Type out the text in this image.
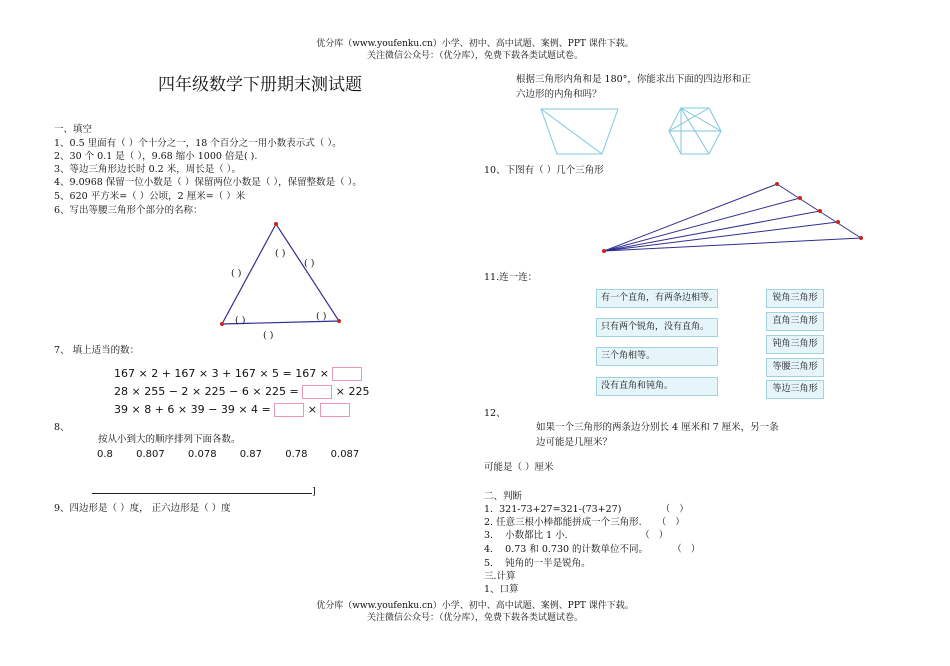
优分库（www.youfenku.cn）小学、初中、高中试题、案例、PPT 课件下载。
关注微信公众号：（优分库），免费下载各类试题试卷。
四年级数学下册期末测试题
一、填空
1、0.5 里面有（ ）个十分之一，18 个百分之一用小数表示式（ ）。
2、30 个 0.1 是（ ），9.68 缩小 1000 倍是( ).
3、等边三角形边长时 0.2 米，周长是（ ）。
4、9.0968 保留一位小数是（ ）保留两位小数是（ ），保留整数是（ ）。
5、620 平方米=（ ）公顷，2 厘米=（ ）米
6、写出等腰三角形个部分的名称：
( )
( )
( )
( )	( )
( )
7、 填上适当的数：
167 × 2 + 167 × 3 + 167 × 5 = 167 ×
28 × 255 − 2 × 225 − 6 × 225 =	× 225
39 × 8 + 6 × 39 − 39 × 4 =	×
8、
按从小到大的顺序排列下面各数。
0.8 0.807 0.078 0.87 0.78 0.087
]
9、四边形是（ ）度， 正六边形是（ ）度
根据三角形内角和是 180°，你能求出下面的四边形和正
六边形的内角和吗？
10、下图有（ ）几个三角形
11.连一连：
有一个直角，有两条边相等。
只有两个锐角，没有直角。
三个角相等。
没有直角和钝角。
锐角三角形
直角三角形
钝角三角形
等腰三角形
等边三角形
12、
如果一个三角形的两条边分别长 4 厘米和 7 厘米，另一条
边可能是几厘米？
可能是（ ）厘米
二、判断
1.  321-73+27=321-(73+27)             （   ）
2. 任意三根小棒都能拼成一个三角形.     （   ）
3.    小数都比 1 小.                        （   ）
4.    0.73 和 0.730 的计数单位不同。        （   ）
5.    钝角的一半是锐角。
三.计算
1、口算
优分库（www.youfenku.cn）小学、初中、高中试题、案例、PPT 课件下载。
关注微信公众号：（优分库），免费下载各类试题试卷。
